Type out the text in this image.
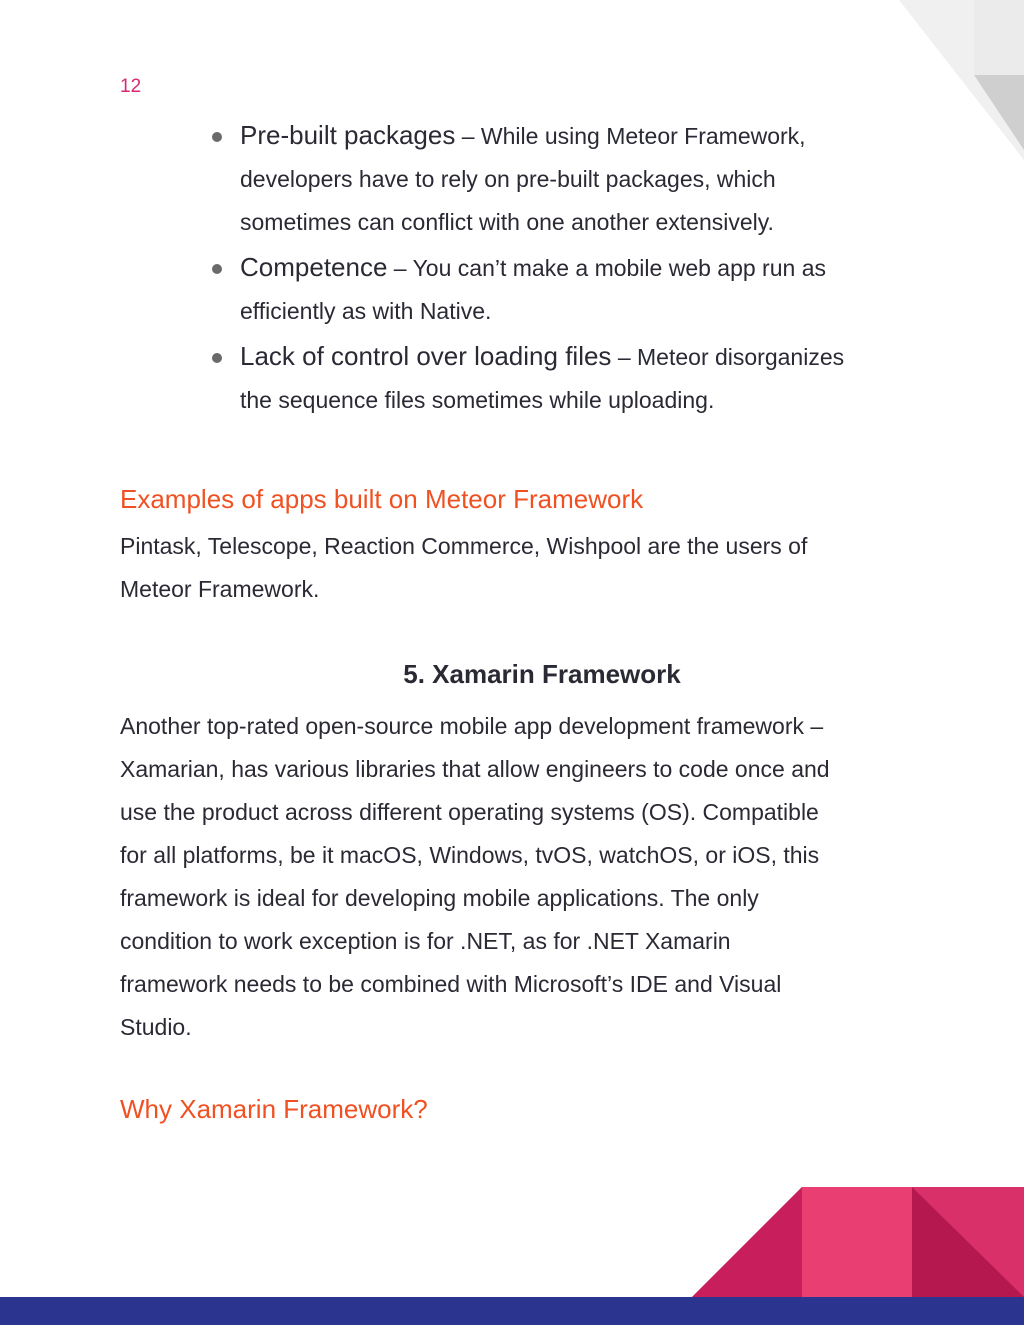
12
Pre-built packages – While using Meteor Framework,
developers have to rely on pre-built packages, which
sometimes can conflict with one another extensively.
Competence – You can’t make a mobile web app run as
efficiently as with Native.
Lack of control over loading files – Meteor disorganizes
the sequence files sometimes while uploading.
Examples of apps built on Meteor Framework

Pintask, Telescope, Reaction Commerce, Wishpool are the users of
Meteor Framework.

5. Xamarin Framework

Another top-rated open-source mobile app development framework –
Xamarian, has various libraries that allow engineers to code once and
use the product across different operating systems (OS). Compatible
for all platforms, be it macOS, Windows, tvOS, watchOS, or iOS, this
framework is ideal for developing mobile applications. The only
condition to work exception is for .NET, as for .NET Xamarin
framework needs to be combined with Microsoft’s IDE and Visual
Studio.

Why Xamarin Framework?
